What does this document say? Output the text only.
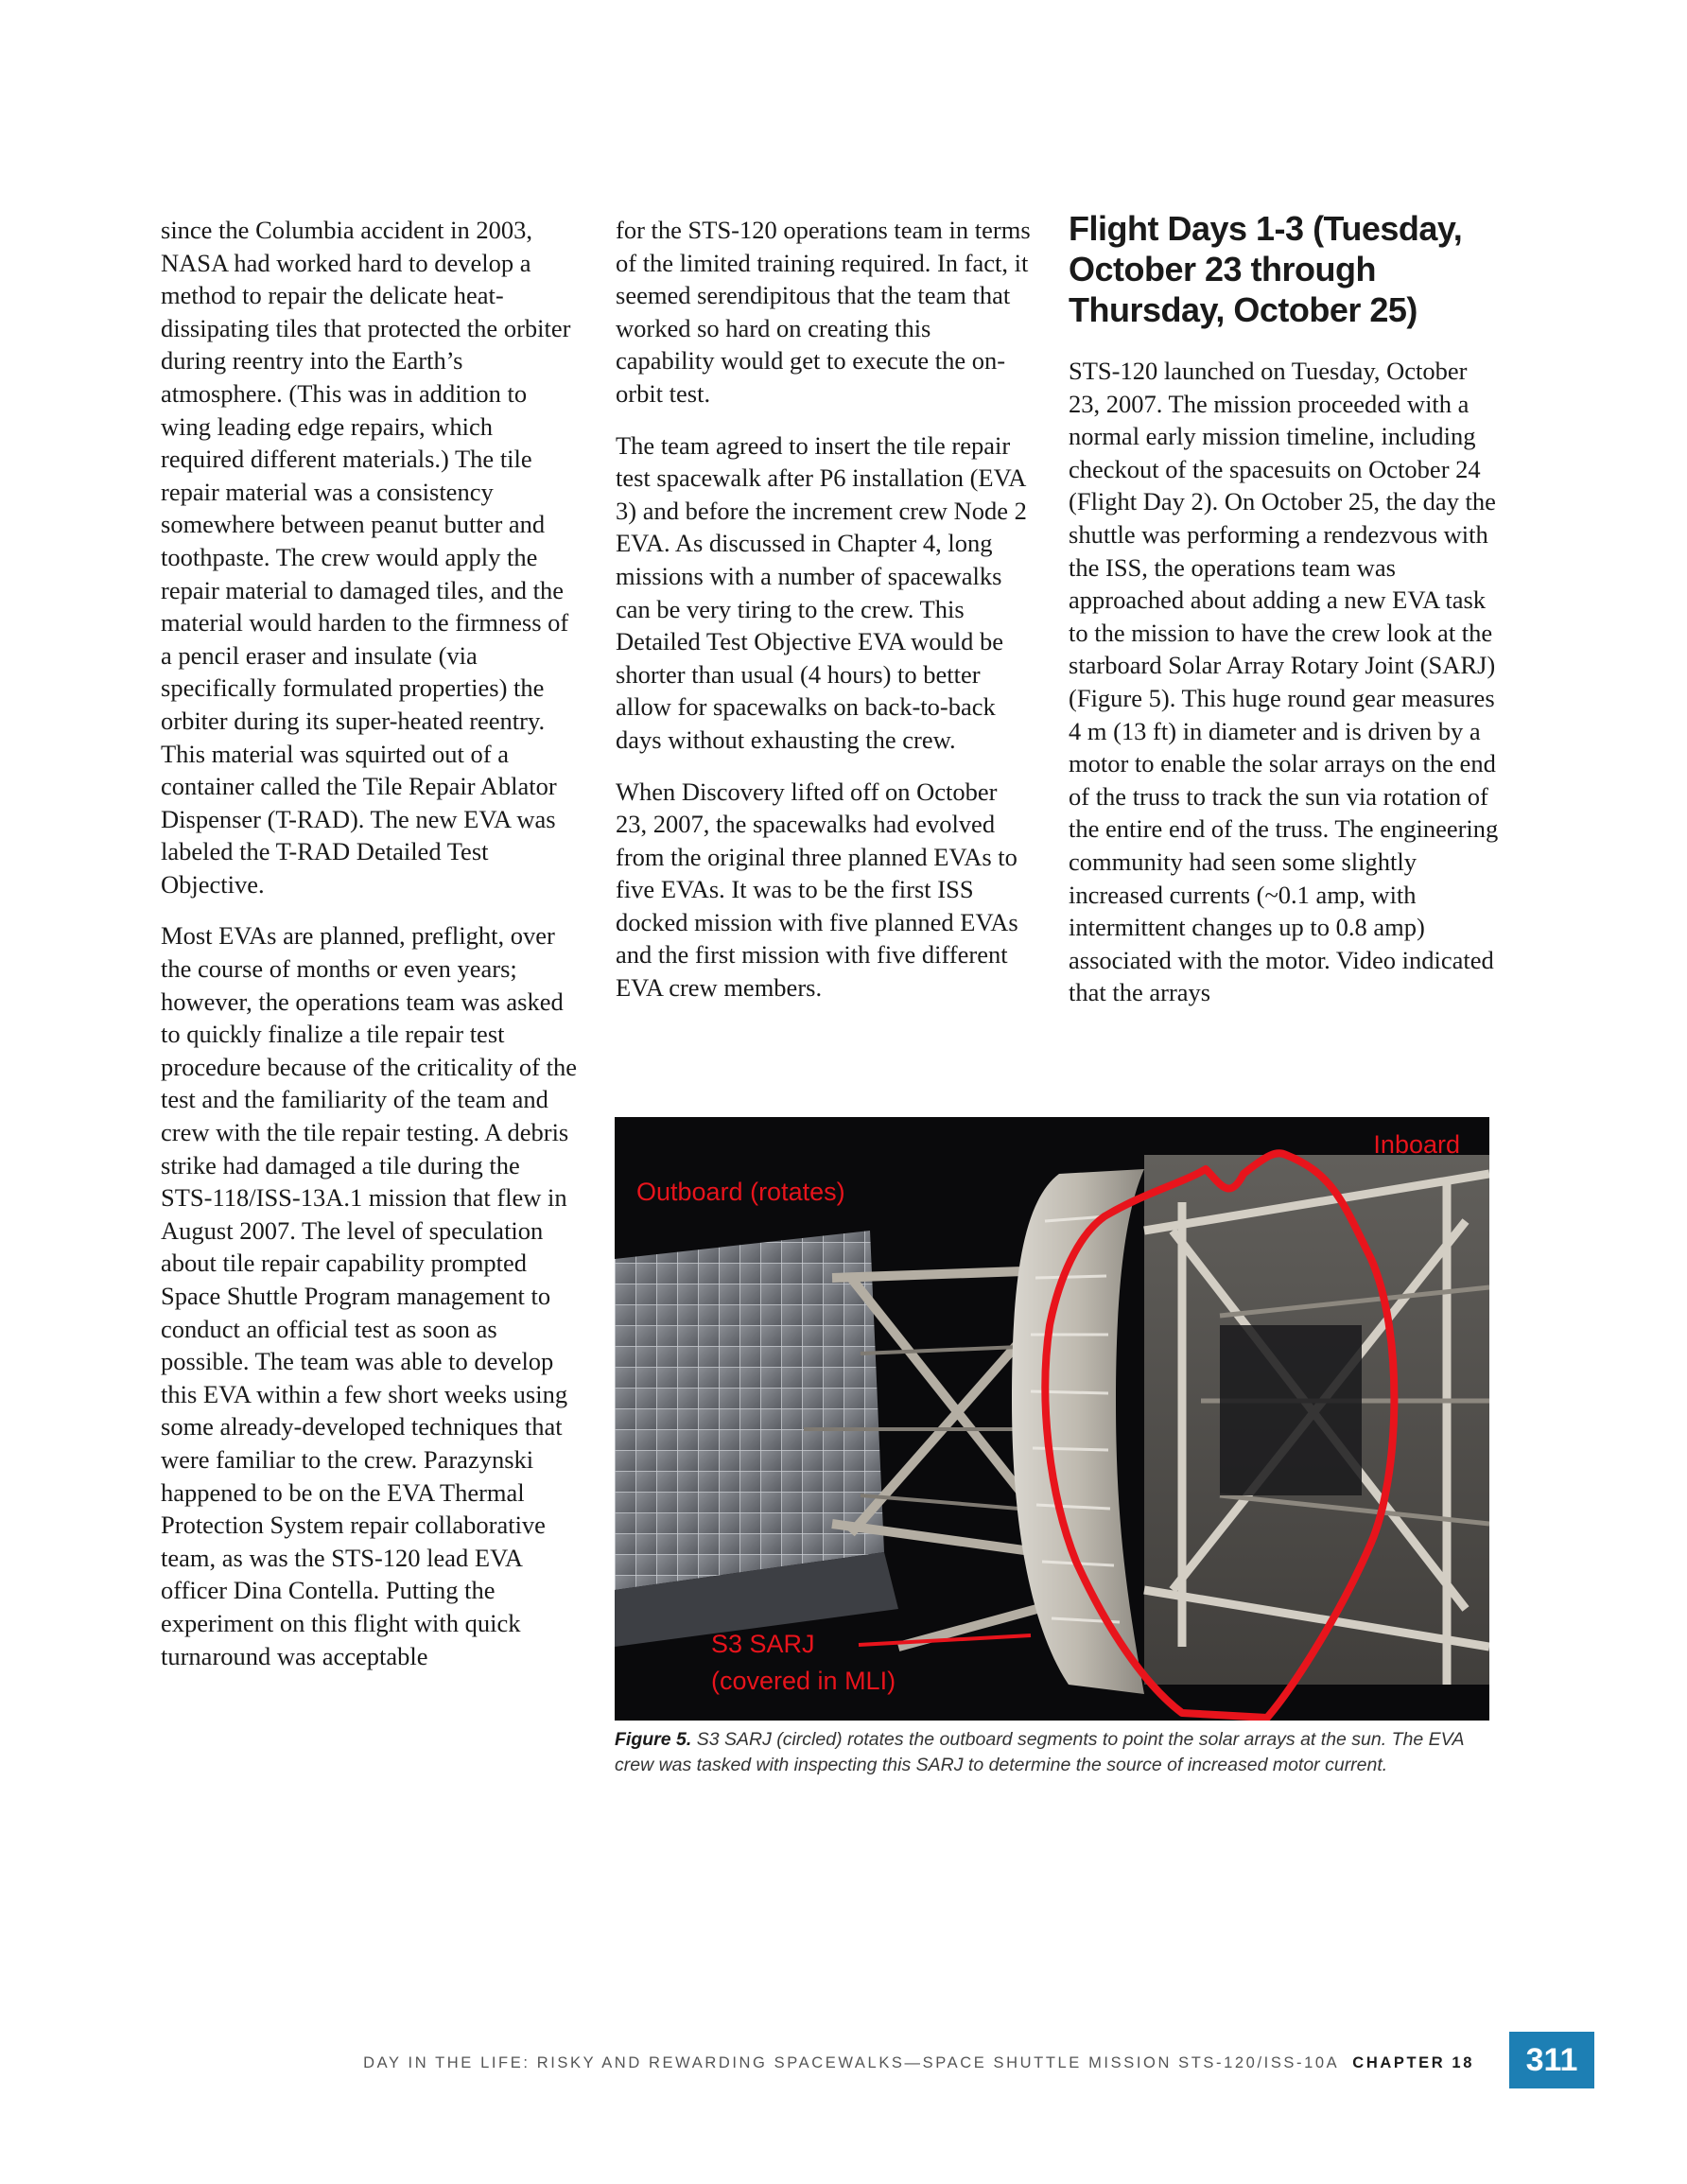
since the Columbia accident in 2003, NASA had worked hard to develop a method to repair the delicate heat-dissipating tiles that protected the orbiter during reentry into the Earth’s atmosphere. (This was in addition to wing leading edge repairs, which required different materials.) The tile repair material was a consistency somewhere between peanut butter and toothpaste. The crew would apply the repair material to damaged tiles, and the material would harden to the firmness of a pencil eraser and insulate (via specifically formulated properties) the orbiter during its super-heated reentry. This material was squirted out of a container called the Tile Repair Ablator Dispenser (T-RAD). The new EVA was labeled the T-RAD Detailed Test Objective.

Most EVAs are planned, preflight, over the course of months or even years; however, the operations team was asked to quickly finalize a tile repair test procedure because of the criticality of the test and the familiarity of the team and crew with the tile repair testing. A debris strike had damaged a tile during the STS-118/ISS-13A.1 mission that flew in August 2007. The level of speculation about tile repair capability prompted Space Shuttle Program management to conduct an official test as soon as possible. The team was able to develop this EVA within a few short weeks using some already-developed techniques that were familiar to the crew. Parazynski happened to be on the EVA Thermal Protection System repair collaborative team, as was the STS-120 lead EVA officer Dina Contella. Putting the experiment on this flight with quick turnaround was acceptable

for the STS-120 operations team in terms of the limited training required. In fact, it seemed serendipitous that the team that worked so hard on creating this capability would get to execute the on-orbit test.

The team agreed to insert the tile repair test spacewalk after P6 installation (EVA 3) and before the increment crew Node 2 EVA. As discussed in Chapter 4, long missions with a number of spacewalks can be very tiring to the crew. This Detailed Test Objective EVA would be shorter than usual (4 hours) to better allow for spacewalks on back-to-back days without exhausting the crew.

When Discovery lifted off on October 23, 2007, the spacewalks had evolved from the original three planned EVAs to five EVAs. It was to be the first ISS docked mission with five planned EVAs and the first mission with five different EVA crew members.

Flight Days 1-3 (Tuesday, October 23 through Thursday, October 25)

STS-120 launched on Tuesday, October 23, 2007. The mission proceeded with a normal early mission timeline, including checkout of the spacesuits on October 24 (Flight Day 2). On October 25, the day the shuttle was performing a rendezvous with the ISS, the operations team was approached about adding a new EVA task to the mission to have the crew look at the starboard Solar Array Rotary Joint (SARJ) (Figure 5). This huge round gear measures 4 m (13 ft) in diameter and is driven by a motor to enable the solar arrays on the end of the truss to track the sun via rotation of the entire end of the truss. The engineering community had seen some slightly increased currents (~0.1 amp, with intermittent changes up to 0.8 amp) associated with the motor. Video indicated that the arrays

Inboard
Outboard (rotates)
S3 SARJ
(covered in MLI)
Figure 5. S3 SARJ (circled) rotates the outboard segments to point the solar arrays at the sun. The EVA crew was tasked with inspecting this SARJ to determine the source of increased motor current.
DAY IN THE LIFE: RISKY AND REWARDING SPACEWALKS—SPACE SHUTTLE MISSION STS-120/ISS-10A CHAPTER 18	311
